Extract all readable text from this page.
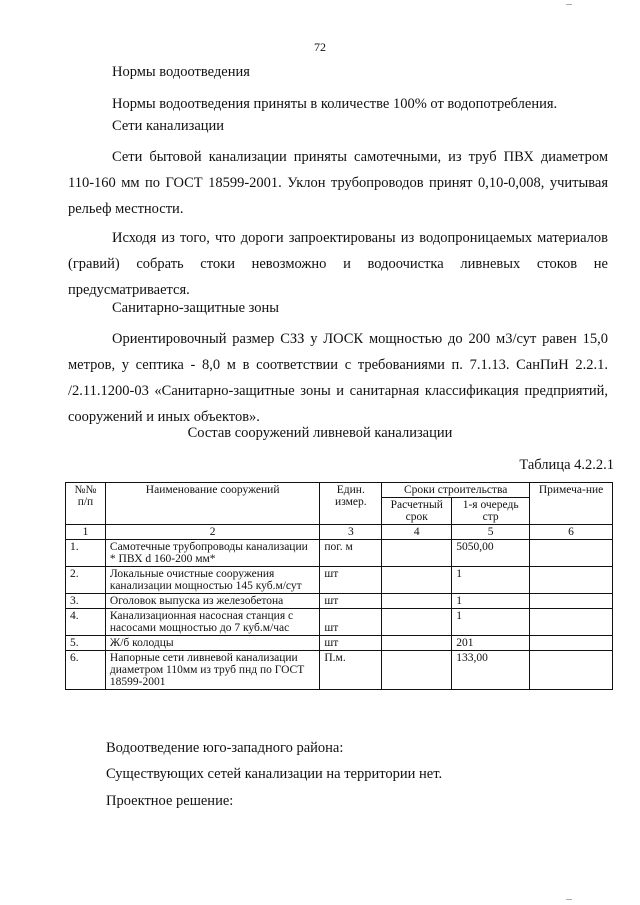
72
Нормы водоотведения
Нормы водоотведения приняты в количестве 100% от водопотребления.
Сети канализации
Сети бытовой канализации приняты самотечными, из труб ПВХ диаметром 110-160 мм по ГОСТ 18599-2001. Уклон трубопроводов принят 0,10-0,008, учитывая рельеф местности.
Исходя из того, что дороги запроектированы из водопроницаемых материалов (гравий) собрать стоки невозможно и водоочистка ливневых стоков не предусматривается.
Санитарно-защитные зоны
Ориентировочный размер СЗЗ у ЛОСК мощностью до 200 м3/сут равен 15,0 метров, у септика - 8,0 м в соответствии с требованиями п. 7.1.13. СанПиН 2.2.1. /2.11.1200-03 «Санитарно-защитные зоны и санитарная классификация предприятий, сооружений и иных объектов».
Состав сооружений ливневой канализации
Таблица 4.2.2.1
№№ п/п	Наименование сооружений	Един. измер.	Сроки строительства		Примеча-ние
			Расчетный срок	1-я очередь стр	
1	2	3	4	5	6
1.	Самотечные трубопроводы канализации * ПВХ d 160-200 мм*	пог. м		5050,00	
2.	Локальные очистные сооружения канализации мощностью 145 куб.м/сут	шт		1	
3.	Оголовок выпуска из железобетона	шт		1	
4.	Канализационная насосная станция с насосами мощностью до 7 куб.м/час	шт		1	
5.	Ж/б колодцы	шт		201	
6.	Напорные сети ливневой канализации диаметром 110мм из труб пнд по ГОСТ 18599-2001	П.м.		133,00	
Водоотведение юго-западного района:
Существующих сетей канализации на территории нет.
Проектное решение:
